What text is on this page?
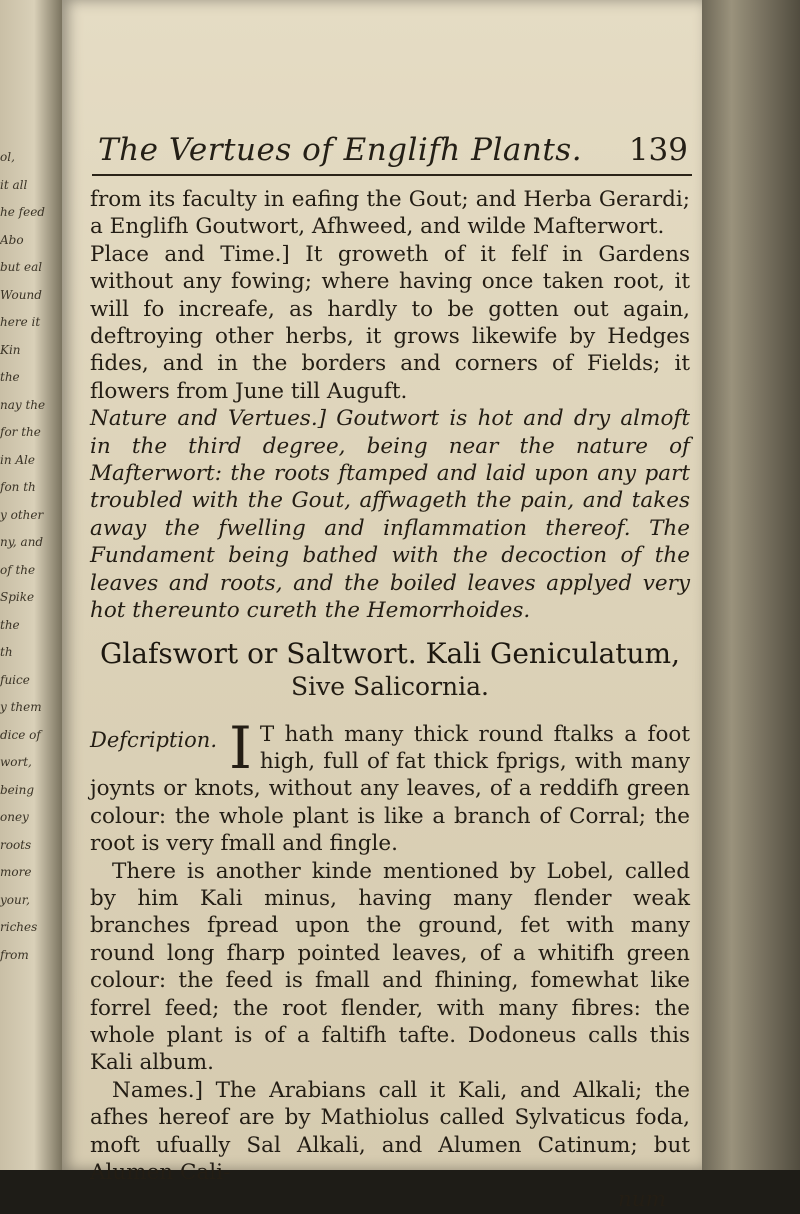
ol,
it all
he feed
Abo
but eal
Wound
here it
Kin
the
nay the
for the
in Ale
fon th
y other
ny, and
of the
Spike
the
th
fuice
y them
dice of
wort,
being
oney
roots
more
your,
riches
from
The Vertues of Englifh Plants. 139

from its faculty in eafing the Gout; and Herba Gerardi; a Englifh Goutwort, Afhweed, and wilde Mafterwort.

Place and Time.] It groweth of it felf in Gardens without any fowing; where having once taken root, it will fo increafe, as hardly to be gotten out again, deftroying other herbs, it grows likewife by Hedges fides, and in the borders and corners of Fields; it flowers from June till Auguft.

Nature and Vertues.] Goutwort is hot and dry almoft in the third degree, being near the nature of Mafterwort: the roots ftamped and laid upon any part troubled with the Gout, affwageth the pain, and takes away the fwelling and inflammation thereof. The Fundament being bathed with the decoction of the leaves and roots, and the boiled leaves applyed very hot thereunto cureth the Hemorrhoides.

Glafswort or Saltwort. Kali Geniculatum,
Sive Salicornia.
Defcription. I T hath many thick round ftalks a foot high, full of fat thick fprigs, with many joynts or knots, without any leaves, of a reddifh green colour: the whole plant is like a branch of Corral; the root is very fmall and fingle.

There is another kinde mentioned by Lobel, called by him Kali minus, having many flender weak branches fpread upon the ground, fet with many round long fharp pointed leaves, of a whitifh green colour: the feed is fmall and fhining, fomewhat like forrel feed; the root flender, with many fibres: the whole plant is of a faltifh tafte. Dodoneus calls this Kali album.

Names.] The Arabians call it Kali, and Alkali; the afhes hereof are by Mathiolus called Sylvaticus foda, moft ufually Sal Alkali, and Alumen Catinum; but Alumen Cali-

num
